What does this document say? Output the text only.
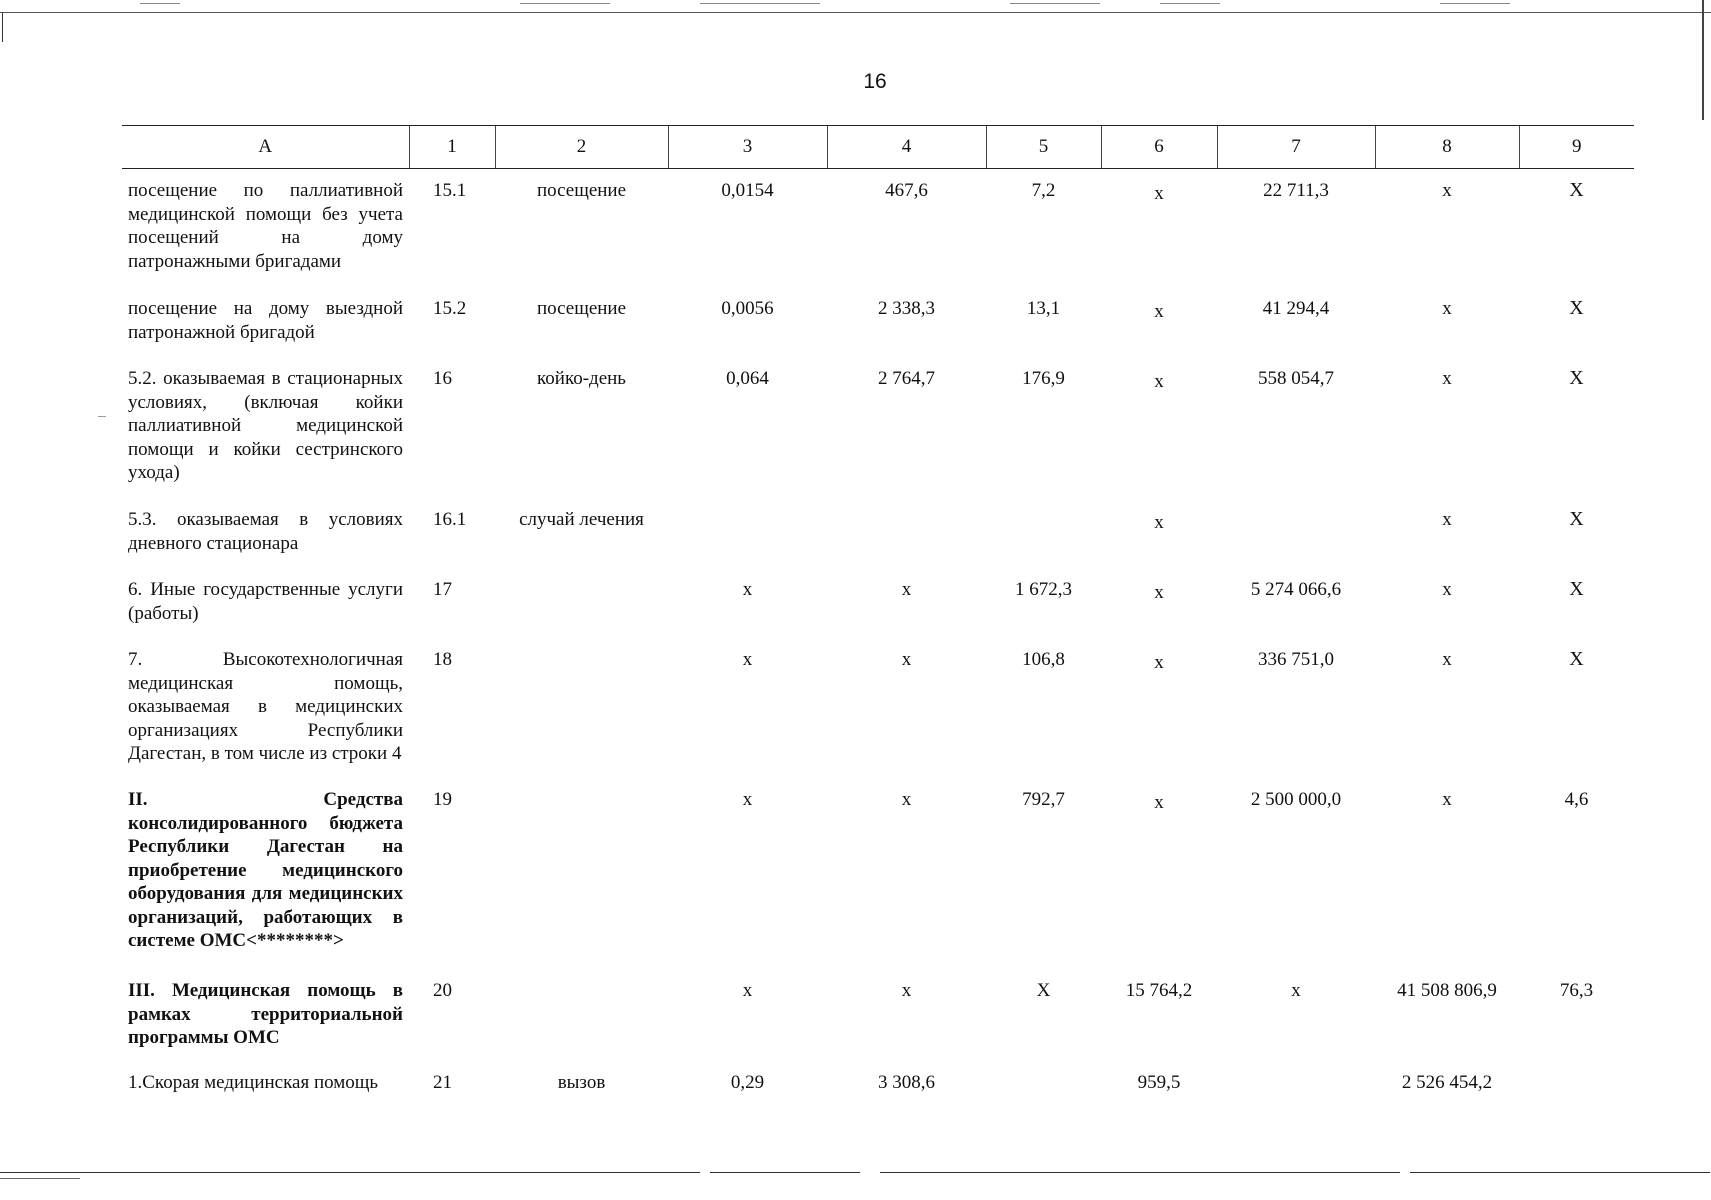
16
А	1	2	3	4	5	6	7	8	9
посещение по паллиативной медицинской помощи без учета посещений на дому патронажными бригадами	15.1	посещение	0,0154	467,6	7,2	х	22 711,3	х	Х
посещение на дому выездной патронажной бригадой	15.2	посещение	0,0056	2 338,3	13,1	х	41 294,4	х	Х
5.2. оказываемая в стационарных условиях, (включая койки паллиативной медицинской помощи и койки сестринского ухода)	16	койко-день	0,064	2 764,7	176,9	х	558 054,7	х	Х
5.3. оказываемая в условиях дневного стационара	16.1	случай лечения				х		х	Х
6. Иные государственные услуги (работы)	17		х	х	1 672,3	х	5 274 066,6	х	Х
7. Высокотехнологичная медицинская помощь, оказываемая в медицинских организациях Республики Дагестан, в том числе из строки 4	18		х	х	106,8	х	336 751,0	х	Х
II. Средства консолидированного бюджета Республики Дагестан на приобретение медицинского оборудования для медицинских организаций, работающих в системе ОМС<********>	19		х	х	792,7	х	2 500 000,0	х	4,6
III. Медицинская помощь в рамках территориальной программы ОМС	20		х	х	Х	15 764,2	х	41 508 806,9	76,3
1.Скорая медицинская помощь	21	вызов	0,29	3 308,6		959,5		2 526 454,2	
